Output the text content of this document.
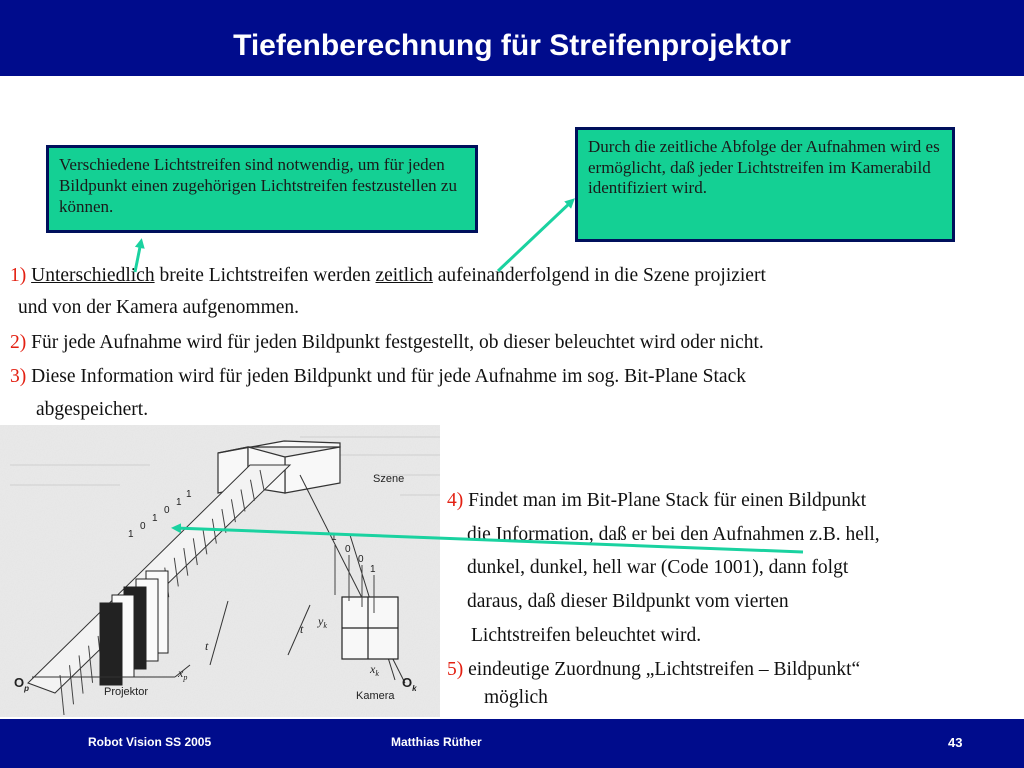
Tiefenberechnung für Streifenprojektor
Verschiedene Lichtstreifen sind notwendig, um für jeden Bildpunkt einen zugehörigen Lichtstreifen festzustellen zu können.
Durch die zeitliche Abfolge der Aufnahmen wird es ermöglicht, daß jeder Lichtstreifen im Kamerabild identifiziert wird.
1) Unterschiedlich breite Lichtstreifen werden zeitlich aufeinanderfolgend in die Szene projiziert
und von der Kamera aufgenommen.
2) Für jede Aufnahme wird für jeden Bildpunkt festgestellt, ob dieser beleuchtet wird oder nicht.
3) Diese Information wird für jeden Bildpunkt und für jede Aufnahme im sog. Bit-Plane Stack
abgespeichert.
Szene
1
0
1
0
1
1
1
0
0
1
$O_p$	Projektor
$x_p$
t
t
$y_k$
$x_k$
$O_k$
Kamera
4) Findet man im Bit-Plane Stack für einen Bildpunkt
die Information, daß er bei den Aufnahmen z.B. hell,
dunkel, dunkel, hell war (Code 1001), dann folgt
daraus, daß dieser Bildpunkt vom vierten
Lichtstreifen beleuchtet wird.
5) eindeutige Zuordnung „Lichtstreifen – Bildpunkt“
möglich
Robot Vision SS 2005	Matthias Rüther	43
